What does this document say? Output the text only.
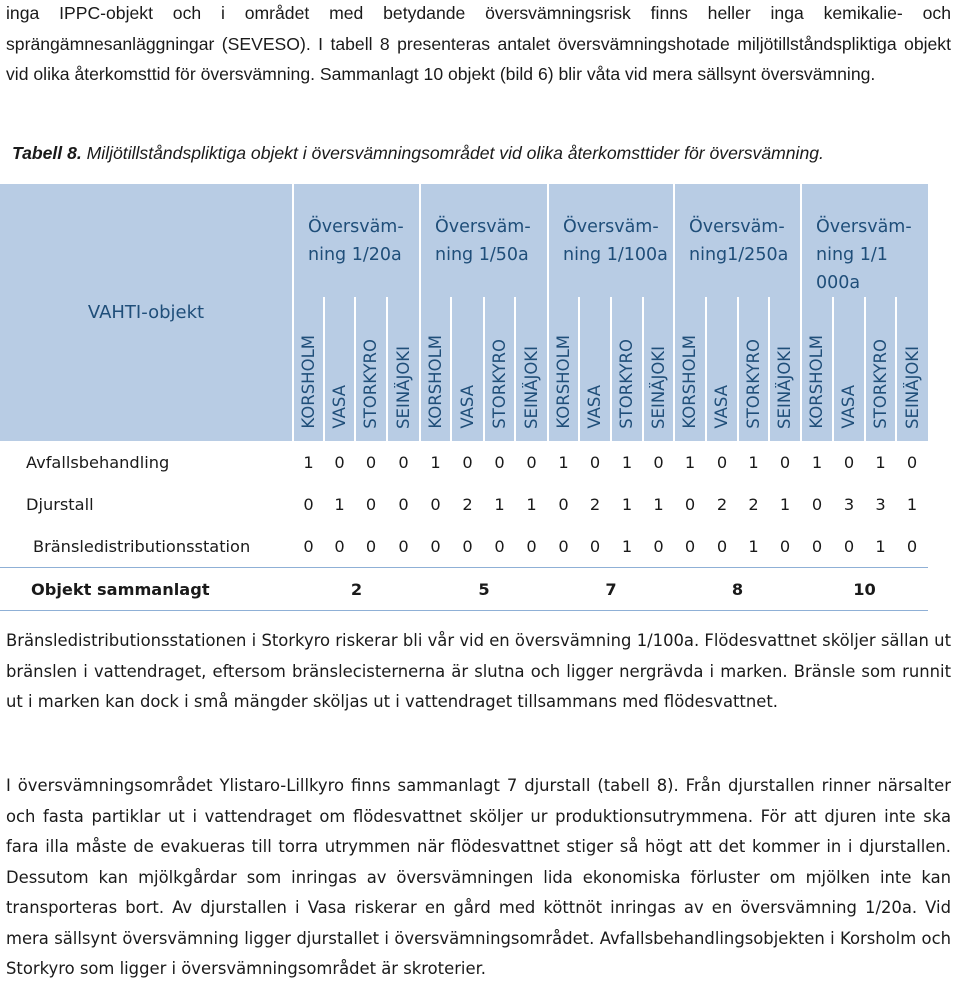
inga IPPC-objekt och i området med betydande översvämningsrisk finns heller inga kemikalie- och sprängämnesanläggningar (SEVESO). I tabell 8 presenteras antalet översvämningshotade miljötillståndspliktiga objekt vid olika återkomsttid för översvämning. Sammanlagt 10 objekt (bild 6) blir våta vid mera sällsynt översvämning.

Tabell 8. Miljötillståndspliktiga objekt i översvämningsområdet vid olika återkomsttider för översvämning.

VAHTI-objekt	Översväm-ning 1/20a				Översväm-ning 1/50a				Översväm-ning 1/100a				Översväm-ning1/250a				Översväm-ning 1/1 000a			

	KORSHOLM	VASA	STORKYRO	SEINÄJOKI	KORSHOLM	VASA	STORKYRO	SEINÄJOKI	KORSHOLM	VASA	STORKYRO	SEINÄJOKI	KORSHOLM	VASA	STORKYRO	SEINÄJOKI	KORSHOLM	VASA	STORKYRO	SEINÄJOKI

Avfallsbehandling	1	0	0	0	1	0	0	0	1	0	1	0	1	0	1	0	1	0	1	0
Djurstall	0	1	0	0	0	2	1	1	0	2	1	1	0	2	2	1	0	3	3	1
Bränsledistributionsstation	0	0	0	0	0	0	0	0	0	0	1	0	0	0	1	0	0	0	1	0
Objekt sammanlagt	2				5				7				8				10			

Bränsledistributionsstationen i Storkyro riskerar bli vår vid en översvämning 1/100a. Flödesvattnet sköljer sällan ut bränslen i vattendraget, eftersom bränslecisternerna är slutna och ligger nergrävda i marken. Bränsle som runnit ut i marken kan dock i små mängder sköljas ut i vattendraget tillsammans med flödesvattnet.

I översvämningsområdet Ylistaro-Lillkyro finns sammanlagt 7 djurstall (tabell 8). Från djurstallen rinner närsalter och fasta partiklar ut i vattendraget om flödesvattnet sköljer ur produktionsutrymmena. För att djuren inte ska fara illa måste de evakueras till torra utrymmen när flödesvattnet stiger så högt att det kommer in i djurstallen. Dessutom kan mjölkgårdar som inringas av översvämningen lida ekonomiska förluster om mjölken inte kan transporteras bort. Av djurstallen i Vasa riskerar en gård med köttnöt inringas av en översvämning 1/20a. Vid mera sällsynt översvämning ligger djurstallet i översvämningsområdet. Avfallsbehandlingsobjekten i Korsholm och Storkyro som ligger i översvämningsområdet är skroterier.
